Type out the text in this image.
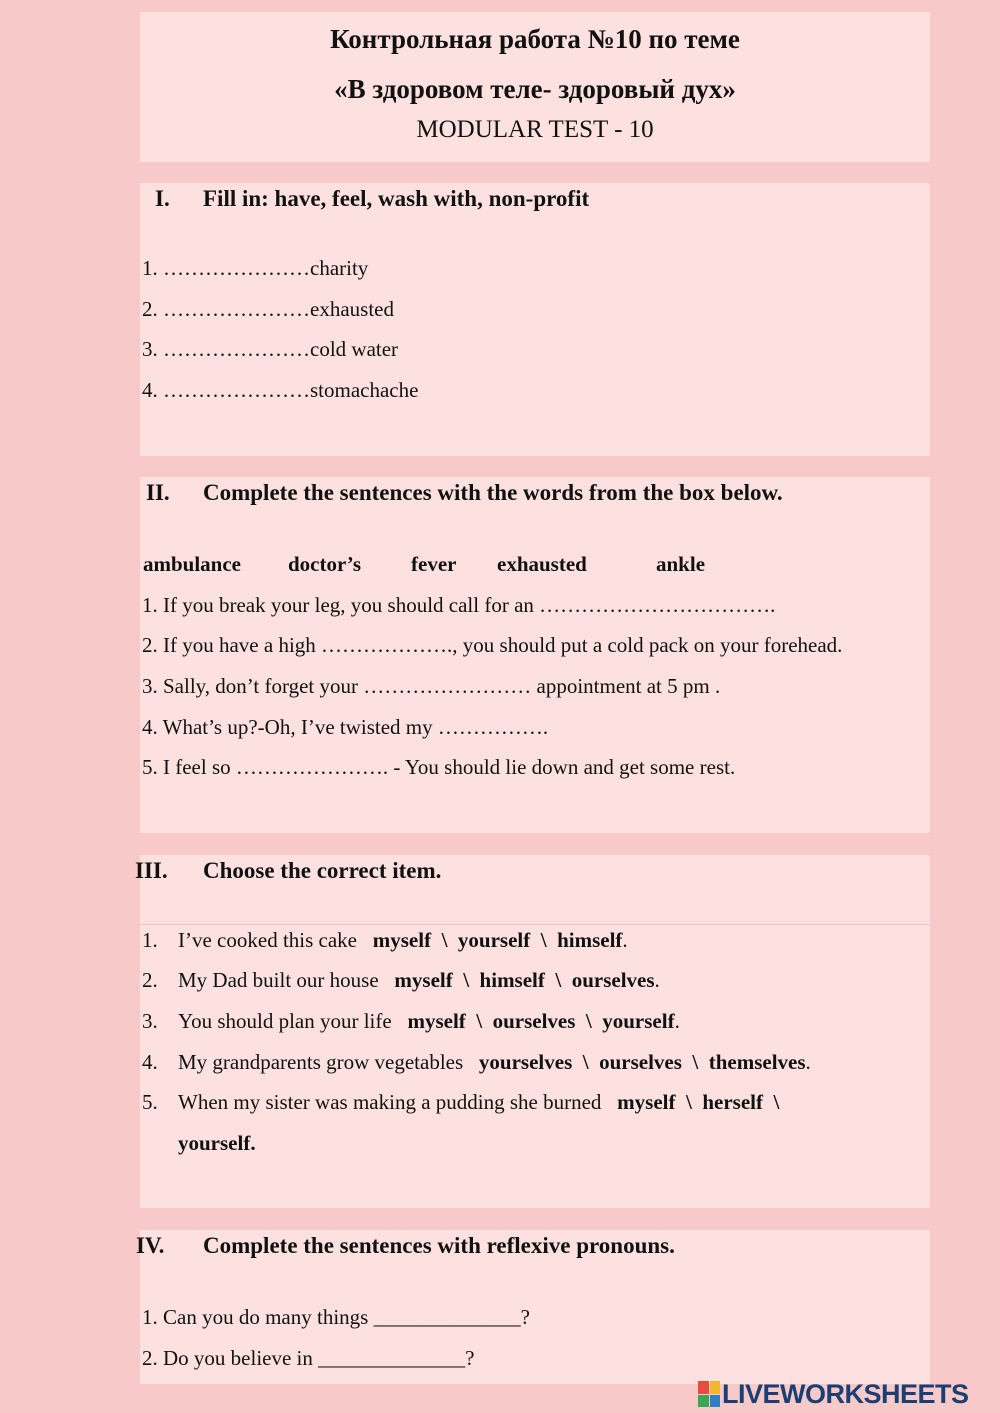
Контрольная работа №10 по теме
«В здоровом теле- здоровый дух»
MODULAR TEST - 10
I. Fill in: have, feel, wash with, non-profit
1. …………………charity
2. …………………exhausted
3. …………………cold water
4. …………………stomachache
II. Complete the sentences with the words from the box below.
ambulance doctor’s fever exhausted	ankle
1. If you break your leg, you should call for an …………………………….
2. If you have a high ………………., you should put a cold pack on your forehead.
3. Sally, don’t forget your …………………… appointment at 5 pm .
4. What’s up?-Oh, I’ve twisted my …………….
5. I feel so …………………. - You should lie down and get some rest.
III. Choose the correct item.
1. I’ve cooked this cake myself  \  yourself  \  himself.
2. My Dad built our house myself  \  himself  \  ourselves.
3. You should plan your life myself  \  ourselves  \  yourself.
4. My grandparents grow vegetables yourselves  \  ourselves  \  themselves.
5. When my sister was making a pudding she burned myself  \  herself  \
yourself.
IV. Complete the sentences with reflexive pronouns.
1. Can you do many things ______________?
2. Do you believe in ______________?
LIVEWORKSHEETS
